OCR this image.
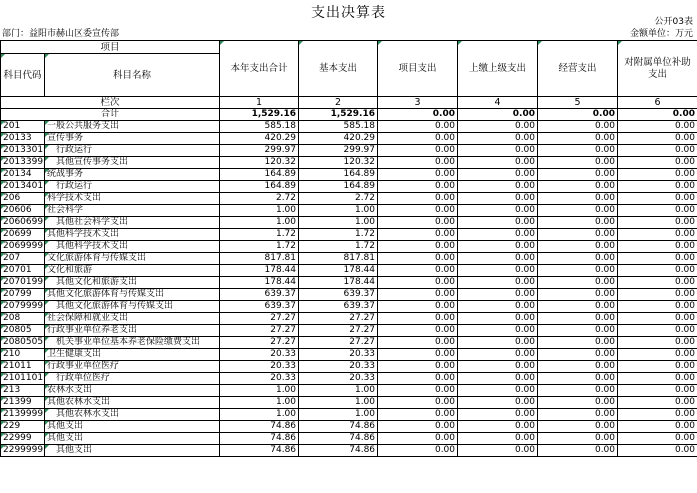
支出决算表
公开03表
部门：益阳市赫山区委宣传部	金额单位：万元
项目		本年支出合计	基本支出	项目支出	上缴上级支出	经营支出	对附属单位补助支出
科目代码	科目名称						
栏次		1	2	3	4	5	6
合计		1,529.16	1,529.16	0.00	0.00	0.00	0.00
201	一般公共服务支出	585.18	585.18	0.00	0.00	0.00	0.00
20133	宣传事务	420.29	420.29	0.00	0.00	0.00	0.00
2013301	行政运行	299.97	299.97	0.00	0.00	0.00	0.00
2013399	其他宣传事务支出	120.32	120.32	0.00	0.00	0.00	0.00
20134	统战事务	164.89	164.89	0.00	0.00	0.00	0.00
2013401	行政运行	164.89	164.89	0.00	0.00	0.00	0.00
206	科学技术支出	2.72	2.72	0.00	0.00	0.00	0.00
20606	社会科学	1.00	1.00	0.00	0.00	0.00	0.00
2060699	其他社会科学支出	1.00	1.00	0.00	0.00	0.00	0.00
20699	其他科学技术支出	1.72	1.72	0.00	0.00	0.00	0.00
2069999	其他科学技术支出	1.72	1.72	0.00	0.00	0.00	0.00
207	文化旅游体育与传媒支出	817.81	817.81	0.00	0.00	0.00	0.00
20701	文化和旅游	178.44	178.44	0.00	0.00	0.00	0.00
2070199	其他文化和旅游支出	178.44	178.44	0.00	0.00	0.00	0.00
20799	其他文化旅游体育与传媒支出	639.37	639.37	0.00	0.00	0.00	0.00
2079999	其他文化旅游体育与传媒支出	639.37	639.37	0.00	0.00	0.00	0.00
208	社会保障和就业支出	27.27	27.27	0.00	0.00	0.00	0.00
20805	行政事业单位养老支出	27.27	27.27	0.00	0.00	0.00	0.00
2080505	机关事业单位基本养老保险缴费支出	27.27	27.27	0.00	0.00	0.00	0.00
210	卫生健康支出	20.33	20.33	0.00	0.00	0.00	0.00
21011	行政事业单位医疗	20.33	20.33	0.00	0.00	0.00	0.00
2101101	行政单位医疗	20.33	20.33	0.00	0.00	0.00	0.00
213	农林水支出	1.00	1.00	0.00	0.00	0.00	0.00
21399	其他农林水支出	1.00	1.00	0.00	0.00	0.00	0.00
2139999	其他农林水支出	1.00	1.00	0.00	0.00	0.00	0.00
229	其他支出	74.86	74.86	0.00	0.00	0.00	0.00
22999	其他支出	74.86	74.86	0.00	0.00	0.00	0.00
2299999	其他支出	74.86	74.86	0.00	0.00	0.00	0.00
